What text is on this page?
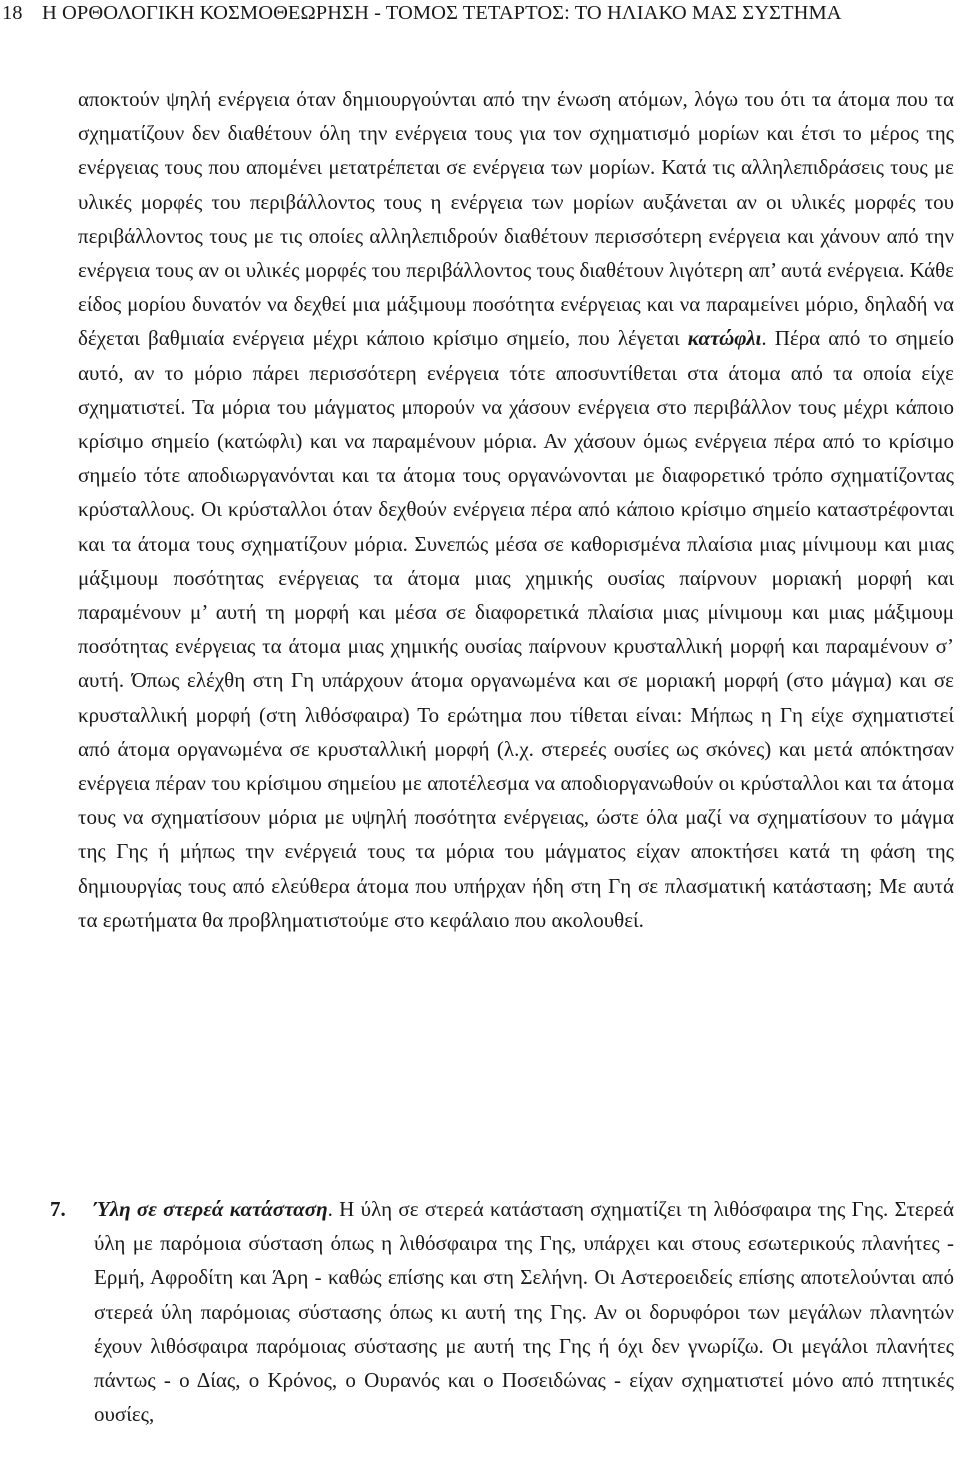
18 Η ΟΡΘΟΛΟΓΙΚΗ ΚΟΣΜΟΘΕΩΡΗΣΗ - ΤΟΜΟΣ ΤΕΤΑΡΤΟΣ: ΤΟ ΗΛΙΑΚΟ ΜΑΣ ΣΥΣΤΗΜΑ

αποκτούν ψηλή ενέργεια όταν δημιουργούνται από την ένωση ατόμων, λόγω του ότι τα άτομα που τα σχηματίζουν δεν διαθέτουν όλη την ενέργεια τους για τον σχηματισμό μορίων και έτσι το μέρος της ενέργειας τους που απομένει μετατρέπεται σε ενέργεια των μορίων. Κατά τις αλληλεπιδράσεις τους με υλικές μορφές του περιβάλλοντος τους η ενέργεια των μορίων αυξάνεται αν οι υλικές μορφές του περιβάλλοντος τους με τις οποίες αλληλεπιδρούν διαθέτουν περισσότερη ενέργεια και χάνουν από την ενέργεια τους αν οι υλικές μορφές του περιβάλλοντος τους διαθέτουν λιγότερη απ’ αυτά ενέργεια. Κάθε είδος μορίου δυνατόν να δεχθεί μια μάξιμουμ ποσότητα ενέργειας και να παραμείνει μόριο, δηλαδή να δέχεται βαθμιαία ενέργεια μέχρι κάποιο κρίσιμο σημείο, που λέγεται κατώφλι. Πέρα από το σημείο αυτό, αν το μόριο πάρει περισσότερη ενέργεια τότε αποσυντίθεται στα άτομα από τα οποία είχε σχηματιστεί. Τα μόρια του μάγματος μπορούν να χάσουν ενέργεια στο περιβάλλον τους μέχρι κάποιο κρίσιμο σημείο (κατώφλι) και να παραμένουν μόρια. Αν χάσουν όμως ενέργεια πέρα από το κρίσιμο σημείο τότε αποδιωργανόνται και τα άτομα τους οργανώνονται με διαφορετικό τρόπο σχηματίζοντας κρύσταλλους. Οι κρύσταλλοι όταν δεχθούν ενέργεια πέρα από κάποιο κρίσιμο σημείο καταστρέφονται και τα άτομα τους σχηματίζουν μόρια. Συνεπώς μέσα σε καθορισμένα πλαίσια μιας μίνιμουμ και μιας μάξιμουμ ποσότητας ενέργειας τα άτομα μιας χημικής ουσίας παίρνουν μοριακή μορφή και παραμένουν μ’ αυτή τη μορφή και μέσα σε διαφορετικά πλαίσια μιας μίνιμουμ και μιας μάξιμουμ ποσότητας ενέργειας τα άτομα μιας χημικής ουσίας παίρνουν κρυσταλλική μορφή και παραμένουν σ’ αυτή. Όπως ελέχθη στη Γη υπάρχουν άτομα οργανωμένα και σε μοριακή μορφή (στο μάγμα) και σε κρυσταλλική μορφή (στη λιθόσφαιρα) Το ερώτημα που τίθεται είναι: Μήπως η Γη είχε σχηματιστεί από άτομα οργανωμένα σε κρυσταλλική μορφή (λ.χ. στερεές ουσίες ως σκόνες) και μετά απόκτησαν ενέργεια πέραν του κρίσιμου σημείου με αποτέλεσμα να αποδιοργανωθούν οι κρύσταλλοι και τα άτομα τους να σχηματίσουν μόρια με υψηλή ποσότητα ενέργειας, ώστε όλα μαζί να σχηματίσουν το μάγμα της Γης ή μήπως την ενέργειά τους τα μόρια του μάγματος είχαν αποκτήσει κατά τη φάση της δημιουργίας τους από ελεύθερα άτομα που υπήρχαν ήδη στη Γη σε πλασματική κατάσταση; Με αυτά τα ερωτήματα θα προβληματιστούμε στο κεφάλαιο που ακολουθεί.

7. Ύλη σε στερεά κατάσταση. Η ύλη σε στερεά κατάσταση σχηματίζει τη λιθόσφαιρα της Γης. Στερεά ύλη με παρόμοια σύσταση όπως η λιθόσφαιρα της Γης, υπάρχει και στους εσωτερικούς πλανήτες - Ερμή, Αφροδίτη και Άρη - καθώς επίσης και στη Σελήνη. Οι Αστεροειδείς επίσης αποτελούνται από στερεά ύλη παρόμοιας σύστασης όπως κι αυτή της Γης. Αν οι δορυφόροι των μεγάλων πλανητών έχουν λιθόσφαιρα παρόμοιας σύστασης με αυτή της Γης ή όχι δεν γνωρίζω. Οι μεγάλοι πλανήτες πάντως - ο Δίας, ο Κρόνος, ο Ουρανός και ο Ποσειδώνας - είχαν σχηματιστεί μόνο από πτητικές ουσίες,
